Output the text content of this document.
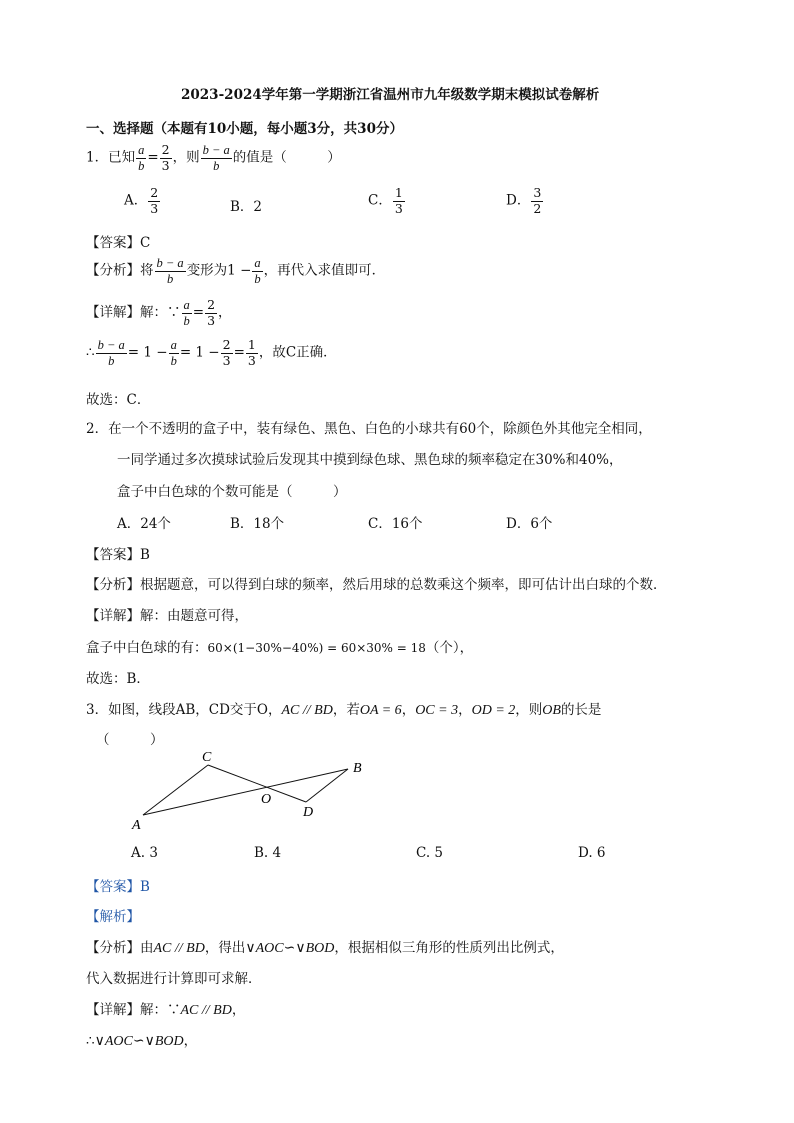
2023-2024学年第一学期浙江省温州市九年级数学期末模拟试卷解析
一、选择题（本题有10小题，每小题3分，共30分）
1．已知 $\frac{a}{b} = \frac{2}{3}$ ，则 $\frac{b - a}{b}$ 的值是（　　　）
A． $\frac{2}{3}$	B．2	C． $\frac{1}{3}$	D． $\frac{3}{2}$
【答案】C
【分析】将 $\frac{b - a}{b}$ 变形为$1 - \frac{a}{b}$ ，再代入求值即可．
【详解】解：∵ $\frac{a}{b} = \frac{2}{3}$ ，
∴ $\frac{b - a}{b} = 1 - \frac{a}{b} = 1 - \frac{2}{3} = \frac{1}{3}$ ，故C正确．
故选：C．
2．在一个不透明的盒子中，装有绿色、黑色、白色的小球共有60个，除颜色外其他完全相同，
一同学通过多次摸球试验后发现其中摸到绿色球、黑色球的频率稳定在30%和40%，
盒子中白色球的个数可能是（　　　）
A．24个	B．18个	C．16个	D．6个
【答案】B
【分析】根据题意，可以得到白球的频率，然后用球的总数乘这个频率，即可估计出白球的个数．
【详解】解：由题意可得，
盒子中白色球的有：60×(1−30%−40%) = 60×30% = 18（个），
故选：B．
3．如图，线段AB，CD交于O，AC // BD，若OA = 6，OC = 3，OD = 2，则OB的长是
（　　　）
C
B
O
D
A
A. 3	B. 4	C. 5	D. 6
【答案】B
【解析】
【分析】由AC // BD，得出∨AOC∽∨BOD，根据相似三角形的性质列出比例式，
代入数据进行计算即可求解．
【详解】解：∵AC // BD，
∴∨AOC∽∨BOD，
